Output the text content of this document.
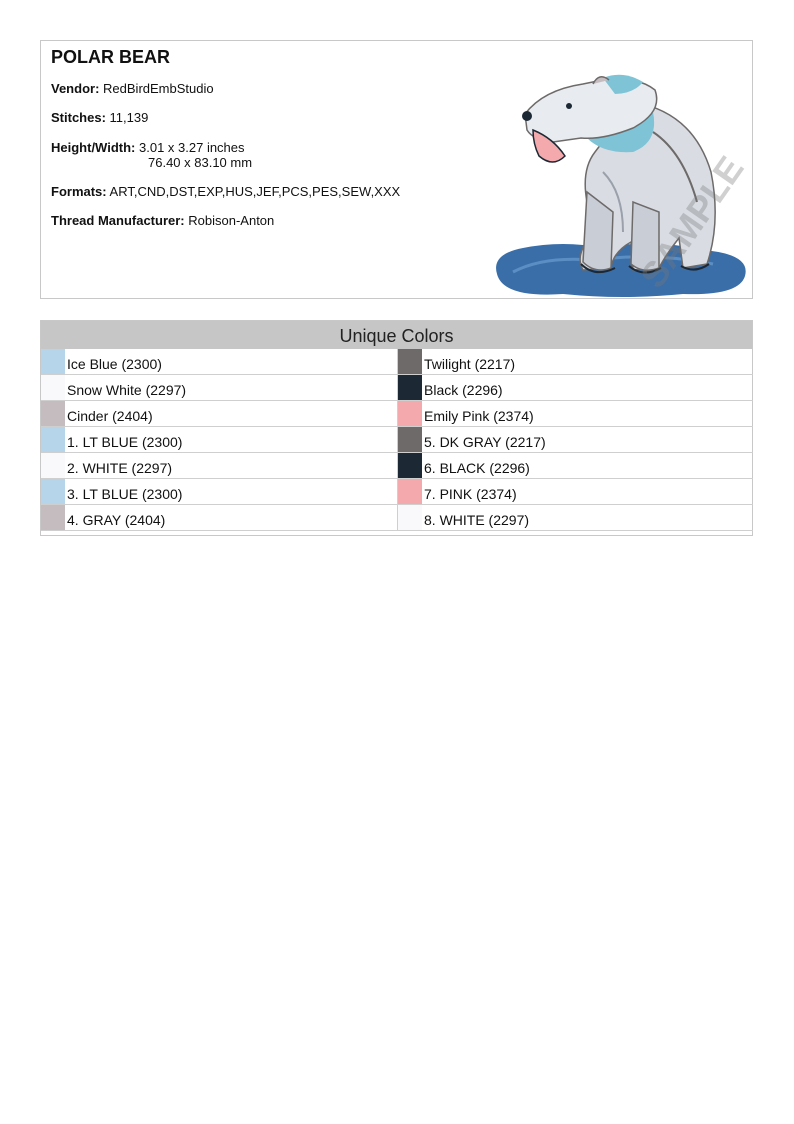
POLAR BEAR
Vendor: RedBirdEmbStudio
Stitches: 11,139
Height/Width: 3.01 x 3.27 inches
76.40 x 83.10 mm
Formats: ART,CND,DST,EXP,HUS,JEF,PCS,PES,SEW,XXX
Thread Manufacturer: Robison-Anton	SAMPLE
Unique Colors
Ice Blue (2300)
Snow White (2297)
Cinder (2404)
1. LT BLUE (2300)
2. WHITE (2297)
3. LT BLUE (2300)
4. GRAY (2404)
Twilight (2217)
Black (2296)
Emily Pink (2374)
5. DK GRAY (2217)
6. BLACK (2296)
7. PINK (2374)
8. WHITE (2297)
